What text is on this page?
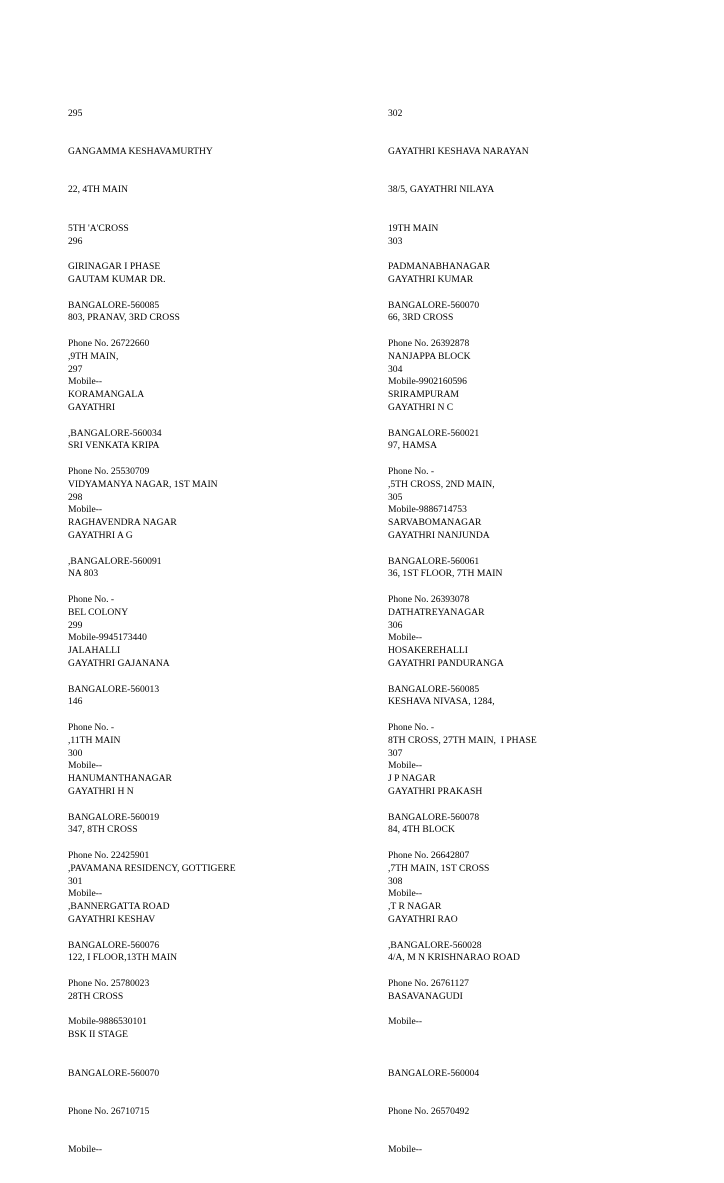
295

GANGAMMA KESHAVAMURTHY

22, 4TH MAIN

5TH 'A'CROSS

GIRINAGAR I PHASE

BANGALORE-560085

Phone No. 26722660

Mobile--

296

GAUTAM KUMAR DR.

803, PRANAV, 3RD CROSS

,9TH MAIN,

KORAMANGALA

,BANGALORE-560034

Phone No. 25530709

Mobile--

297

GAYATHRI

SRI VENKATA KRIPA

VIDYAMANYA NAGAR, 1ST MAIN

RAGHAVENDRA NAGAR

,BANGALORE-560091

Phone No. -

Mobile-9945173440

298

GAYATHRI A G

NA 803

BEL COLONY

JALAHALLI

BANGALORE-560013

Phone No. -

Mobile--

299

GAYATHRI GAJANANA

146

,11TH MAIN

HANUMANTHANAGAR

BANGALORE-560019

Phone No. 22425901

Mobile--

300

GAYATHRI H N

347, 8TH CROSS

,PAVAMANA RESIDENCY, GOTTIGERE

,BANNERGATTA ROAD

BANGALORE-560076

Phone No. 25780023

Mobile-9886530101

301

GAYATHRI KESHAV

122, I FLOOR,13TH MAIN

28TH CROSS

BSK II STAGE

BANGALORE-560070

Phone No. 26710715

Mobile--

302

GAYATHRI KESHAVA NARAYAN

38/5, GAYATHRI NILAYA

19TH MAIN

PADMANABHANAGAR

BANGALORE-560070

Phone No. 26392878

Mobile-9902160596

303

GAYATHRI KUMAR

66, 3RD CROSS

NANJAPPA BLOCK

SRIRAMPURAM

BANGALORE-560021

Phone No. -

Mobile-9886714753

304

GAYATHRI N C

97, HAMSA

,5TH CROSS, 2ND MAIN,

SARVABOMANAGAR

BANGALORE-560061

Phone No. 26393078

Mobile--

305

GAYATHRI NANJUNDA

36, 1ST FLOOR, 7TH MAIN

DATHATREYANAGAR

HOSAKEREHALLI

BANGALORE-560085

Phone No. -

Mobile--

306

GAYATHRI PANDURANGA

KESHAVA NIVASA, 1284,

8TH CROSS, 27TH MAIN,  I PHASE

J P NAGAR

BANGALORE-560078

Phone No. 26642807

Mobile--

307

GAYATHRI PRAKASH

84, 4TH BLOCK

,7TH MAIN, 1ST CROSS

,T R NAGAR

,BANGALORE-560028

Phone No. 26761127

Mobile--

308

GAYATHRI RAO

4/A, M N KRISHNARAO ROAD

BASAVANAGUDI

BANGALORE-560004

Phone No. 26570492

Mobile--
